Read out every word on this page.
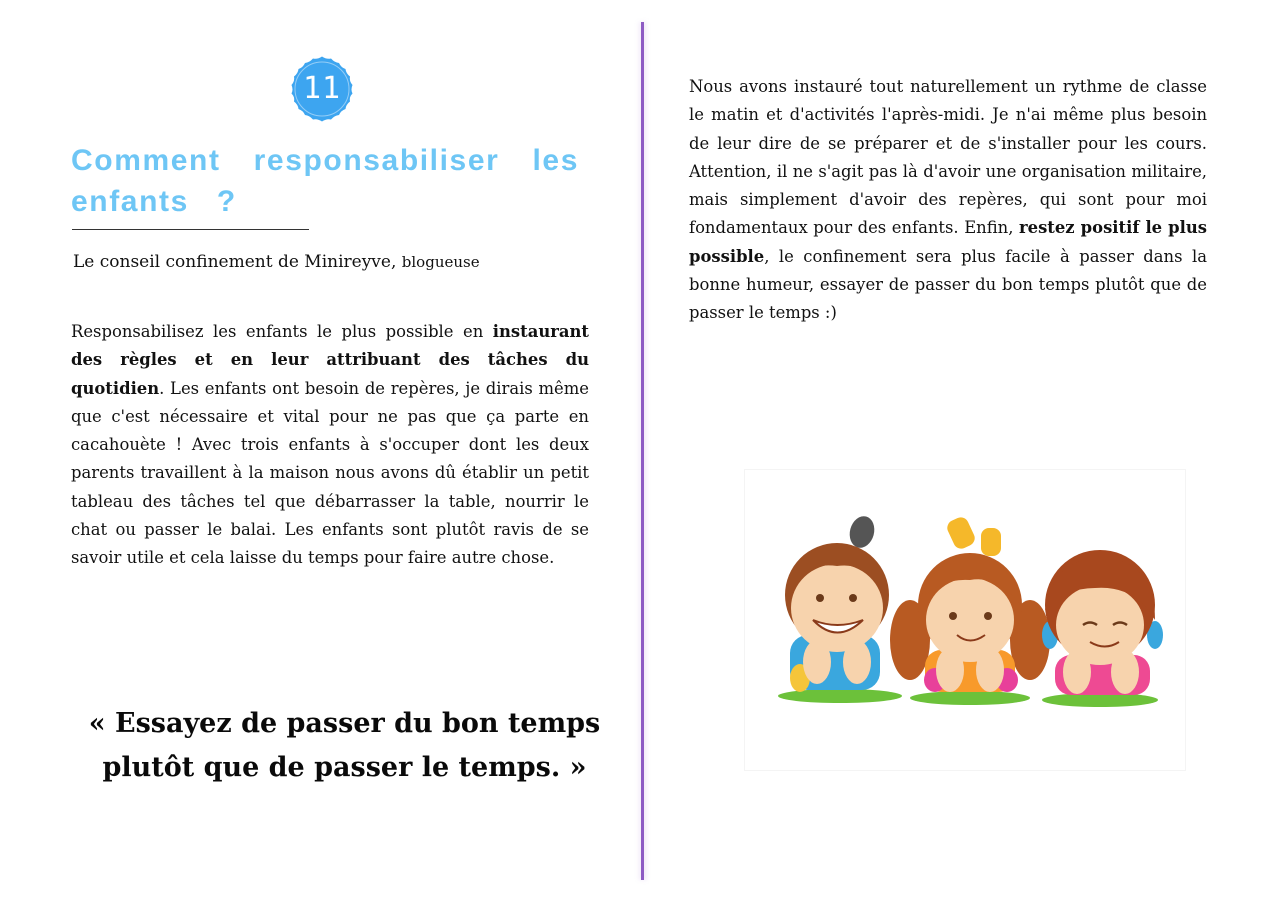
11
Comment responsabiliser les enfants ?
Le conseil confinement de Minireyve, blogueuse

Responsabilisez les enfants le plus possible en instaurant des règles et en leur attribuant des tâches du quotidien. Les enfants ont besoin de repères, je dirais même que c'est nécessaire et vital pour ne pas que ça parte en cacahouète ! Avec trois enfants à s'occuper dont les deux parents travaillent à la maison nous avons dû établir un petit tableau des tâches tel que débarrasser la table, nourrir le chat ou passer le balai. Les enfants sont plutôt ravis de se savoir utile et cela laisse du temps pour faire autre chose.

« Essayez de passer du bon temps
plutôt que de passer le temps. »

Nous avons instauré tout naturellement un rythme de classe le matin et d'activités l'après-midi. Je n'ai même plus besoin de leur dire de se préparer et de s'installer pour les cours. Attention, il ne s'agit pas là d'avoir une organisation militaire, mais simplement d'avoir des repères, qui sont pour moi fondamentaux pour des enfants. Enfin, restez positif le plus possible, le confinement sera plus facile à passer dans la bonne humeur, essayer de passer du bon temps plutôt que de passer le temps :)
